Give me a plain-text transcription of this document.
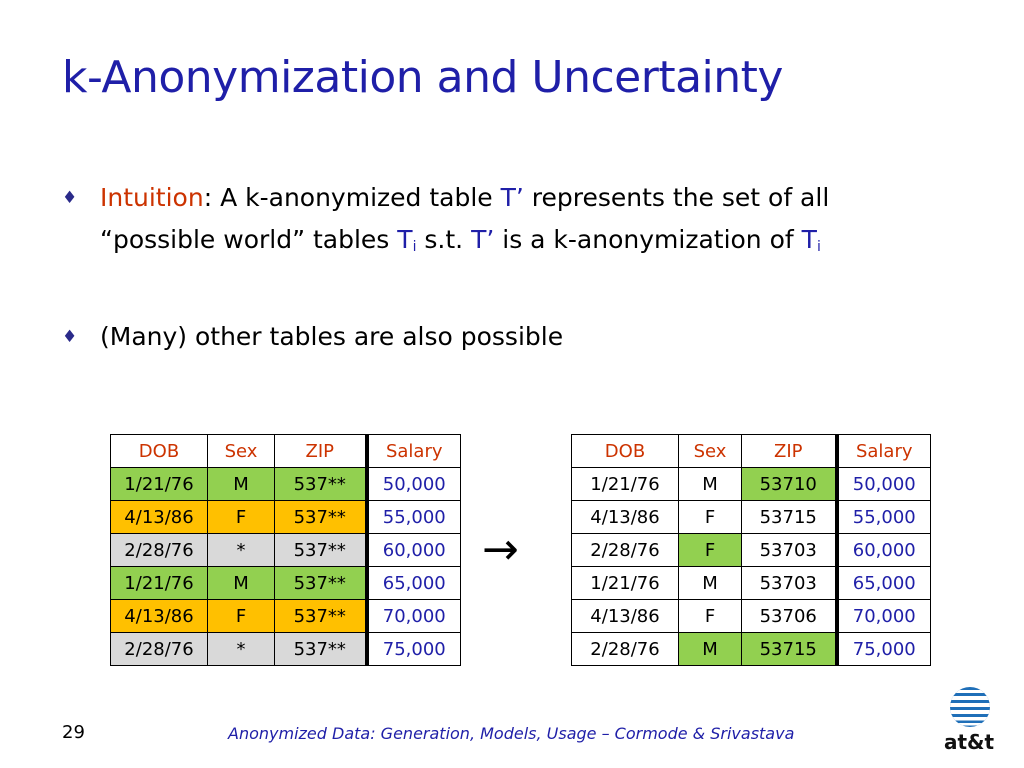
k-Anonymization and Uncertainty
♦ Intuition: A k-anonymized table T’ represents the set of all
“possible world” tables $T_i$ s.t. T’ is a k-anonymization of $T_i$
♦ (Many) other tables are also possible
DOB	Sex	ZIP	Salary
1/21/76	M	537**	50,000
4/13/86	F	537**	55,000
2/28/76	*	537**	60,000
1/21/76	M	537**	65,000
4/13/86	F	537**	70,000
2/28/76	*	537**	75,000
→
DOB	Sex	ZIP	Salary
1/21/76	M	53710	50,000
4/13/86	F	53715	55,000
2/28/76	F	53703	60,000
1/21/76	M	53703	65,000
4/13/86	F	53706	70,000
2/28/76	M	53715	75,000
29	Anonymized Data: Generation, Models, Usage – Cormode & Srivastava	at&t
